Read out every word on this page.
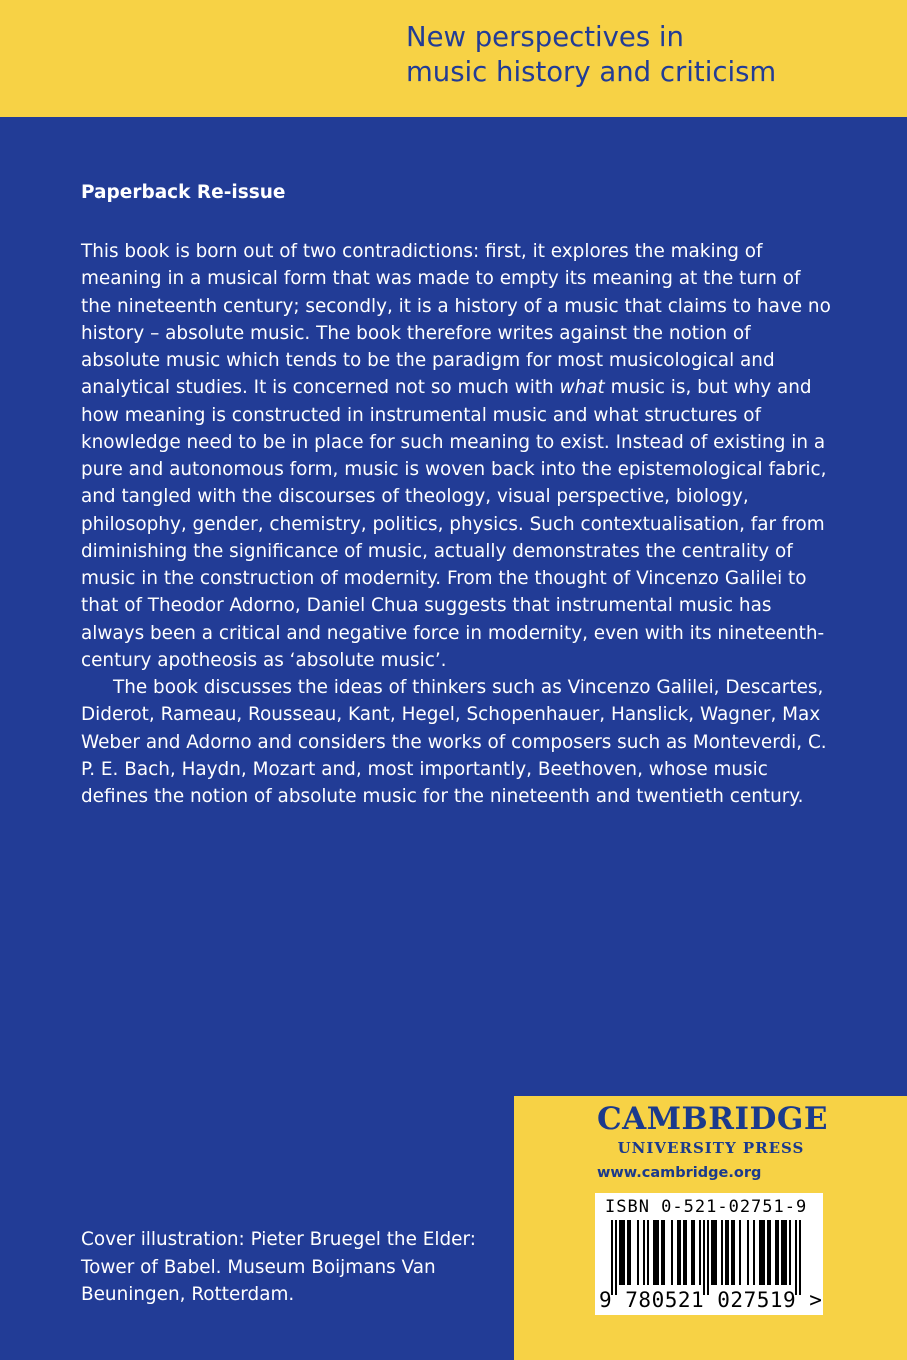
New perspectives in
music history and criticism

Paperback Re-issue

This book is born out of two contradictions: first, it explores the making of
meaning in a musical form that was made to empty its meaning at the turn of
the nineteenth century; secondly, it is a history of a music that claims to have no
history – absolute music. The book therefore writes against the notion of
absolute music which tends to be the paradigm for most musicological and
analytical studies. It is concerned not so much with what music is, but why and
how meaning is constructed in instrumental music and what structures of
knowledge need to be in place for such meaning to exist. Instead of existing in a
pure and autonomous form, music is woven back into the epistemological fabric,
and tangled with the discourses of theology, visual perspective, biology,
philosophy, gender, chemistry, politics, physics. Such contextualisation, far from
diminishing the significance of music, actually demonstrates the centrality of
music in the construction of modernity. From the thought of Vincenzo Galilei to
that of Theodor Adorno, Daniel Chua suggests that instrumental music has
always been a critical and negative force in modernity, even with its nineteenth-
century apotheosis as ‘absolute music’.

The book discusses the ideas of thinkers such as Vincenzo Galilei, Descartes,
Diderot, Rameau, Rousseau, Kant, Hegel, Schopenhauer, Hanslick, Wagner, Max
Weber and Adorno and considers the works of composers such as Monteverdi, C.
P. E. Bach, Haydn, Mozart and, most importantly, Beethoven, whose music
defines the notion of absolute music for the nineteenth and twentieth century.

Cover illustration: Pieter Bruegel the Elder:
Tower of Babel. Museum Boijmans Van
Beuningen, Rotterdam.
CAMBRIDGE
UNIVERSITY PRESS
www.cambridge.org
ISBN 0-521-02751-9
9 780521 027519 >
